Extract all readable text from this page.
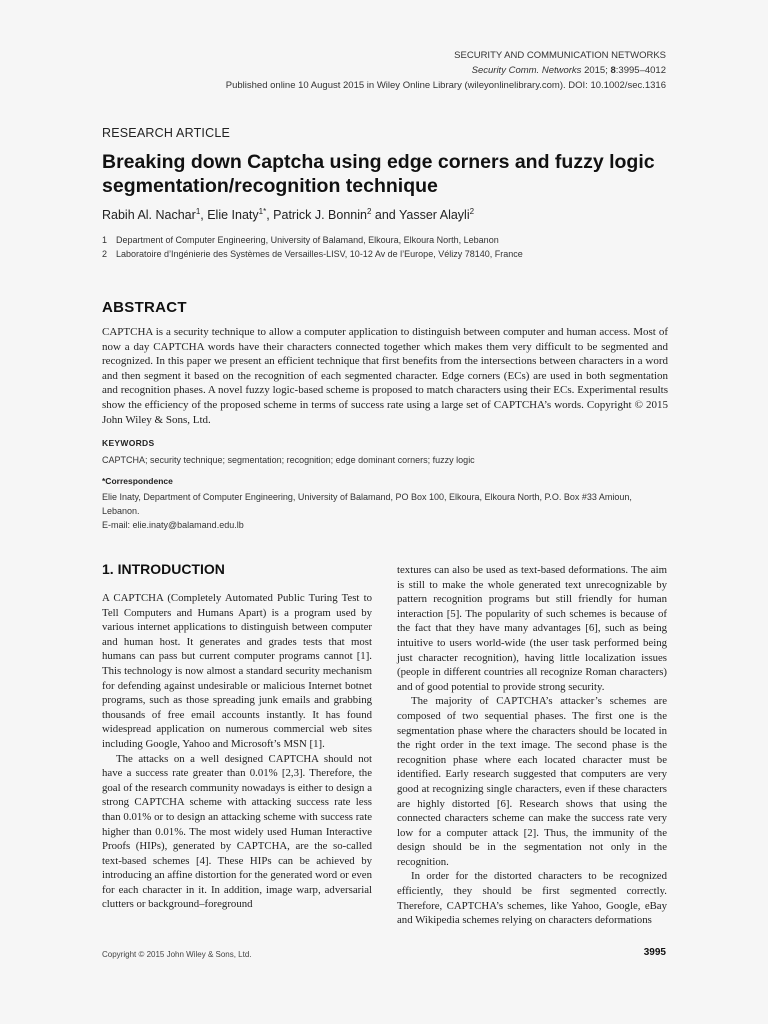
SECURITY AND COMMUNICATION NETWORKS
Security Comm. Networks 2015; 8:3995–4012
Published online 10 August 2015 in Wiley Online Library (wileyonlinelibrary.com). DOI: 10.1002/sec.1316
RESEARCH ARTICLE
Breaking down Captcha using edge corners and fuzzy logic segmentation/recognition technique
Rabih Al. Nachar$^1$, Elie Inaty$^{1*}$, Patrick J. Bonnin$^2$ and Yasser Alayli$^2$
1 Department of Computer Engineering, University of Balamand, Elkoura, Elkoura North, Lebanon
2 Laboratoire d’Ingénierie des Systèmes de Versailles-LISV, 10-12 Av de l’Europe, Vélizy 78140, France
ABSTRACT
CAPTCHA is a security technique to allow a computer application to distinguish between computer and human access. Most of now a day CAPTCHA words have their characters connected together which makes them very difficult to be segmented and recognized. In this paper we present an efficient technique that first benefits from the intersections between characters in a word and then segment it based on the recognition of each segmented character. Edge corners (ECs) are used in both segmentation and recognition phases. A novel fuzzy logic-based scheme is proposed to match characters using their ECs. Experimental results show the efficiency of the proposed scheme in terms of success rate using a large set of CAPTCHA’s words. Copyright © 2015 John Wiley & Sons, Ltd.
KEYWORDS
CAPTCHA; security technique; segmentation; recognition; edge dominant corners; fuzzy logic
*Correspondence
Elie Inaty, Department of Computer Engineering, University of Balamand, PO Box 100, Elkoura, Elkoura North, P.O. Box #33 Amioun, Lebanon.
E-mail: elie.inaty@balamand.edu.lb
1. INTRODUCTION

A CAPTCHA (Completely Automated Public Turing Test to Tell Computers and Humans Apart) is a program used by various internet applications to distinguish between computer and human host. It generates and grades tests that most humans can pass but current computer programs cannot [1]. This technology is now almost a standard security mechanism for defending against undesirable or malicious Internet botnet programs, such as those spreading junk emails and grabbing thousands of free email accounts instantly. It has found widespread application on numerous commercial web sites including Google, Yahoo and Microsoft’s MSN [1].

The attacks on a well designed CAPTCHA should not have a success rate greater than 0.01% [2,3]. Therefore, the goal of the research community nowadays is either to design a strong CAPTCHA scheme with attacking success rate less than 0.01% or to design an attacking scheme with success rate higher than 0.01%. The most widely used Human Interactive Proofs (HIPs), generated by CAPTCHA, are the so-called text-based schemes [4]. These HIPs can be achieved by introducing an affine distortion for the generated word or even for each character in it. In addition, image warp, adversarial clutters or background–foreground

textures can also be used as text-based deformations. The aim is still to make the whole generated text unrecognizable by pattern recognition programs but still friendly for human interaction [5]. The popularity of such schemes is because of the fact that they have many advantages [6], such as being intuitive to users world-wide (the user task performed being just character recognition), having little localization issues (people in different countries all recognize Roman characters) and of good potential to provide strong security.

The majority of CAPTCHA’s attacker’s schemes are composed of two sequential phases. The first one is the segmentation phase where the characters should be located in the right order in the text image. The second phase is the recognition phase where each located character must be identified. Early research suggested that computers are very good at recognizing single characters, even if these characters are highly distorted [6]. Research shows that using the connected characters scheme can make the success rate very low for a computer attack [2]. Thus, the immunity of the design should be in the segmentation not only in the recognition.

In order for the distorted characters to be recognized efficiently, they should be first segmented correctly. Therefore, CAPTCHA’s schemes, like Yahoo, Google, eBay and Wikipedia schemes relying on characters deformations

Copyright © 2015 John Wiley & Sons, Ltd.	3995
